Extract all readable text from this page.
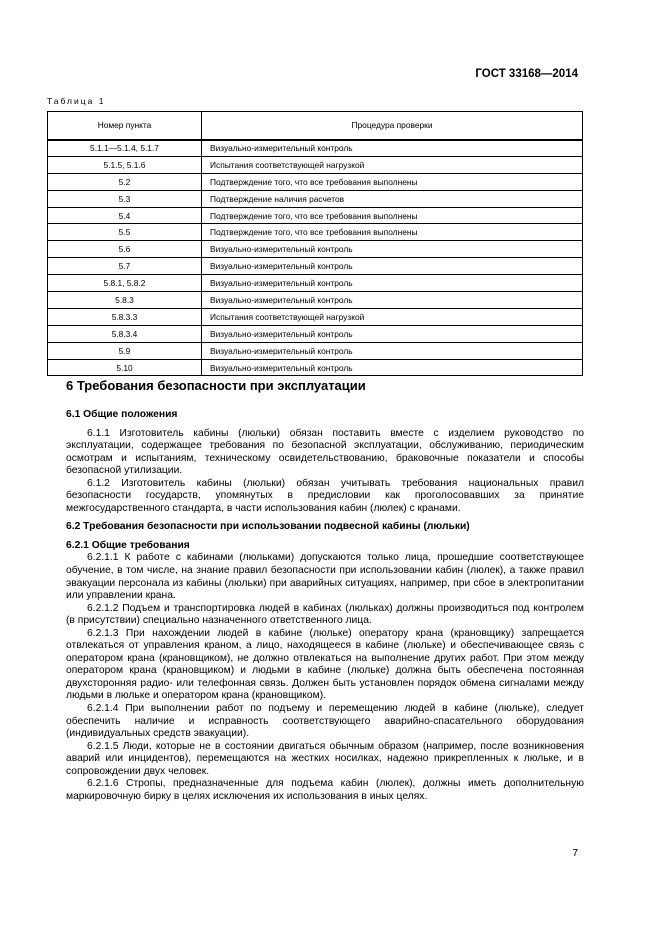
ГОСТ 33168—2014
Таблица 1
Номер пункта	Процедура проверки
5.1.1—5.1.4, 5.1.7	Визуально-измерительный контроль
5.1.5, 5.1.6	Испытания соответствующей нагрузкой
5.2	Подтверждение того, что все требования выполнены
5.3	Подтверждение наличия расчетов
5.4	Подтверждение того, что все требования выполнены
5.5	Подтверждение того, что все требования выполнены
5.6	Визуально-измерительный контроль
5.7	Визуально-измерительный контроль
5.8.1, 5.8.2	Визуально-измерительный контроль
5.8.3	Визуально-измерительный контроль
5.8.3.3	Испытания соответствующей нагрузкой
5.8.3.4	Визуально-измерительный контроль
5.9	Визуально-измерительный контроль
5.10	Визуально-измерительный контроль
6 Требования безопасности при эксплуатации

6.1 Общие положения

6.1.1 Изготовитель кабины (люльки) обязан поставить вместе с изделием руководство по эксплуатации, содержащее требования по безопасной эксплуатации, обслуживанию, периодическим осмотрам и испытаниям, техническому освидетельствованию, браковочные показатели и способы безопасной утилизации.

6.1.2 Изготовитель кабины (люльки) обязан учитывать требования национальных правил безопасности государств, упомянутых в предисловии как проголосовавших за принятие межгосударственного стандарта, в части использования кабин (люлек) с кранами.

6.2 Требования безопасности при использовании подвесной кабины (люльки)

6.2.1 Общие требования

6.2.1.1 К работе с кабинами (люльками) допускаются только лица, прошедшие соответствующее обучение, в том числе, на знание правил безопасности при использовании кабин (люлек), а также правил эвакуации персонала из кабины (люльки) при аварийных ситуациях, например, при сбое в электропитании или управлении крана.

6.2.1.2 Подъем и транспортировка людей в кабинах (люльках) должны производиться под контролем (в присутствии) специально назначенного ответственного лица.

6.2.1.3 При нахождении людей в кабине (люльке) оператору крана (крановщику) запрещается отвлекаться от управления краном, а лицо, находящееся в кабине (люльке) и обеспечивающее связь с оператором крана (крановщиком), не должно отвлекаться на выполнение других работ. При этом между оператором крана (крановщиком) и людьми в кабине (люльке) должна быть обеспечена постоянная двухсторонняя радио- или телефонная связь. Должен быть установлен порядок обмена сигналами между людьми в люльке и оператором крана (крановщиком).

6.2.1.4 При выполнении работ по подъему и перемещению людей в кабине (люльке), следует обеспечить наличие и исправность соответствующего аварийно-спасательного оборудования (индивидуальных средств эвакуации).

6.2.1.5 Люди, которые не в состоянии двигаться обычным образом (например, после возникновения аварий или инцидентов), перемещаются на жестких носилках, надежно прикрепленных к люльке, и в сопровождении двух человек.

6.2.1.6 Стропы, предназначенные для подъема кабин (люлек), должны иметь дополнительную маркировочную бирку в целях исключения их использования в иных целях.

7
